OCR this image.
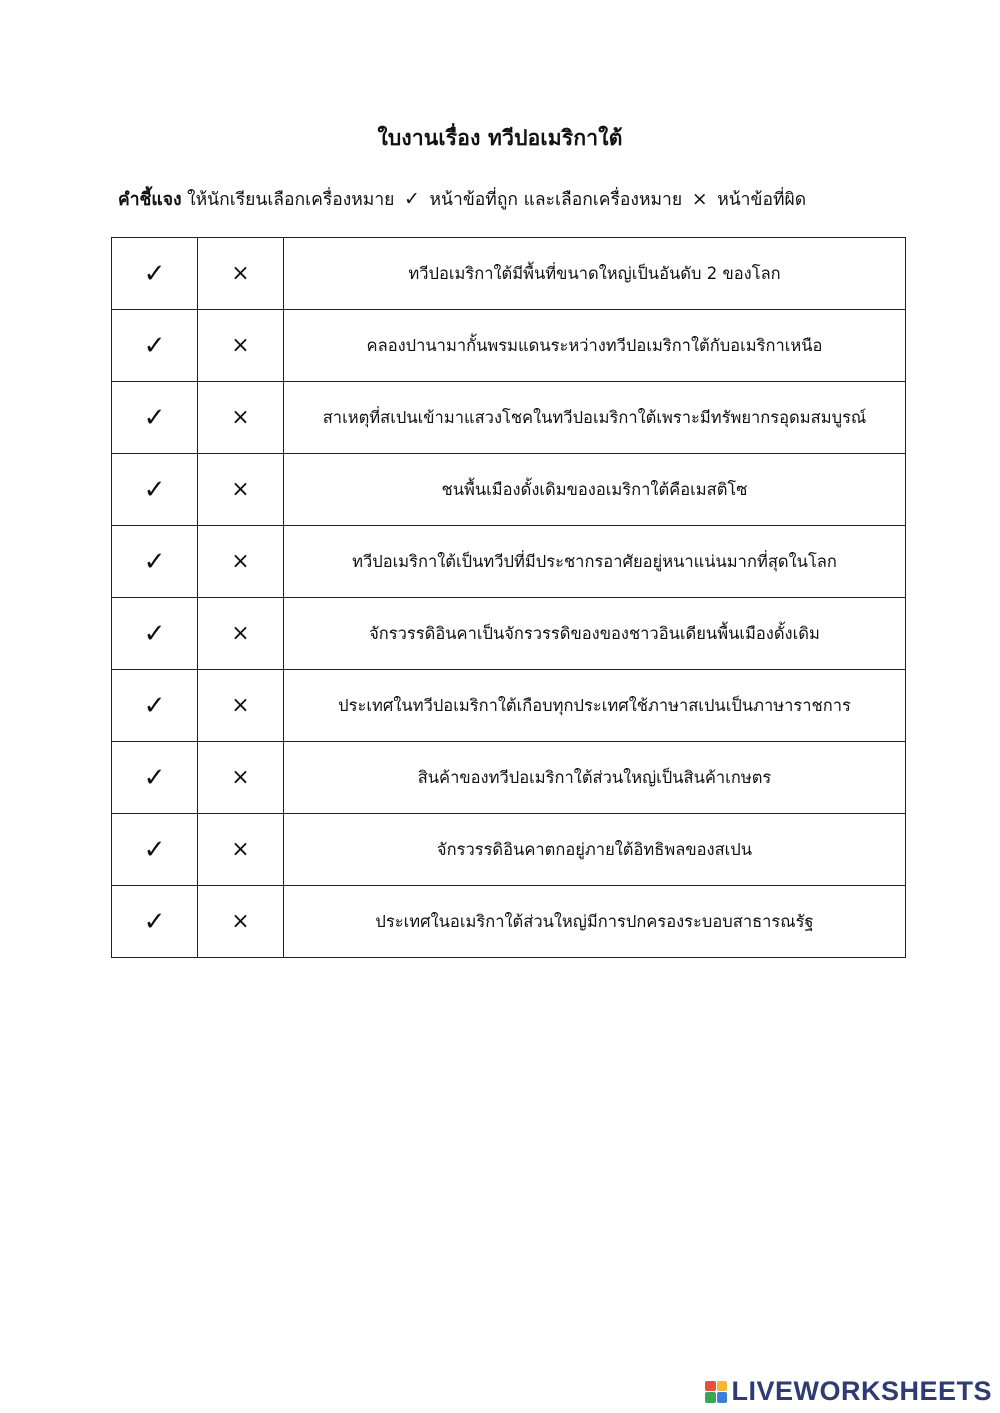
ใบงานเรื่อง ทวีปอเมริกาใต้
คำชี้แจง ให้นักเรียนเลือกเครื่องหมาย ✓ หน้าข้อที่ถูก และเลือกเครื่องหมาย × หน้าข้อที่ผิด
✓	×	ทวีปอเมริกาใต้มีพื้นที่ขนาดใหญ่เป็นอันดับ 2 ของโลก
✓	×	คลองปานามากั้นพรมแดนระหว่างทวีปอเมริกาใต้กับอเมริกาเหนือ
✓	×	สาเหตุที่สเปนเข้ามาแสวงโชคในทวีปอเมริกาใต้เพราะมีทรัพยากรอุดมสมบูรณ์
✓	×	ชนพื้นเมืองดั้งเดิมของอเมริกาใต้คือเมสติโซ
✓	×	ทวีปอเมริกาใต้เป็นทวีปที่มีประชากรอาศัยอยู่หนาแน่นมากที่สุดในโลก
✓	×	จักรวรรดิอินคาเป็นจักรวรรดิของของชาวอินเดียนพื้นเมืองดั้งเดิม
✓	×	ประเทศในทวีปอเมริกาใต้เกือบทุกประเทศใช้ภาษาสเปนเป็นภาษาราชการ
✓	×	สินค้าของทวีปอเมริกาใต้ส่วนใหญ่เป็นสินค้าเกษตร
✓	×	จักรวรรดิอินคาตกอยู่ภายใต้อิทธิพลของสเปน
✓	×	ประเทศในอเมริกาใต้ส่วนใหญ่มีการปกครองระบอบสาธารณรัฐ
LIVEWORKSHEETS
